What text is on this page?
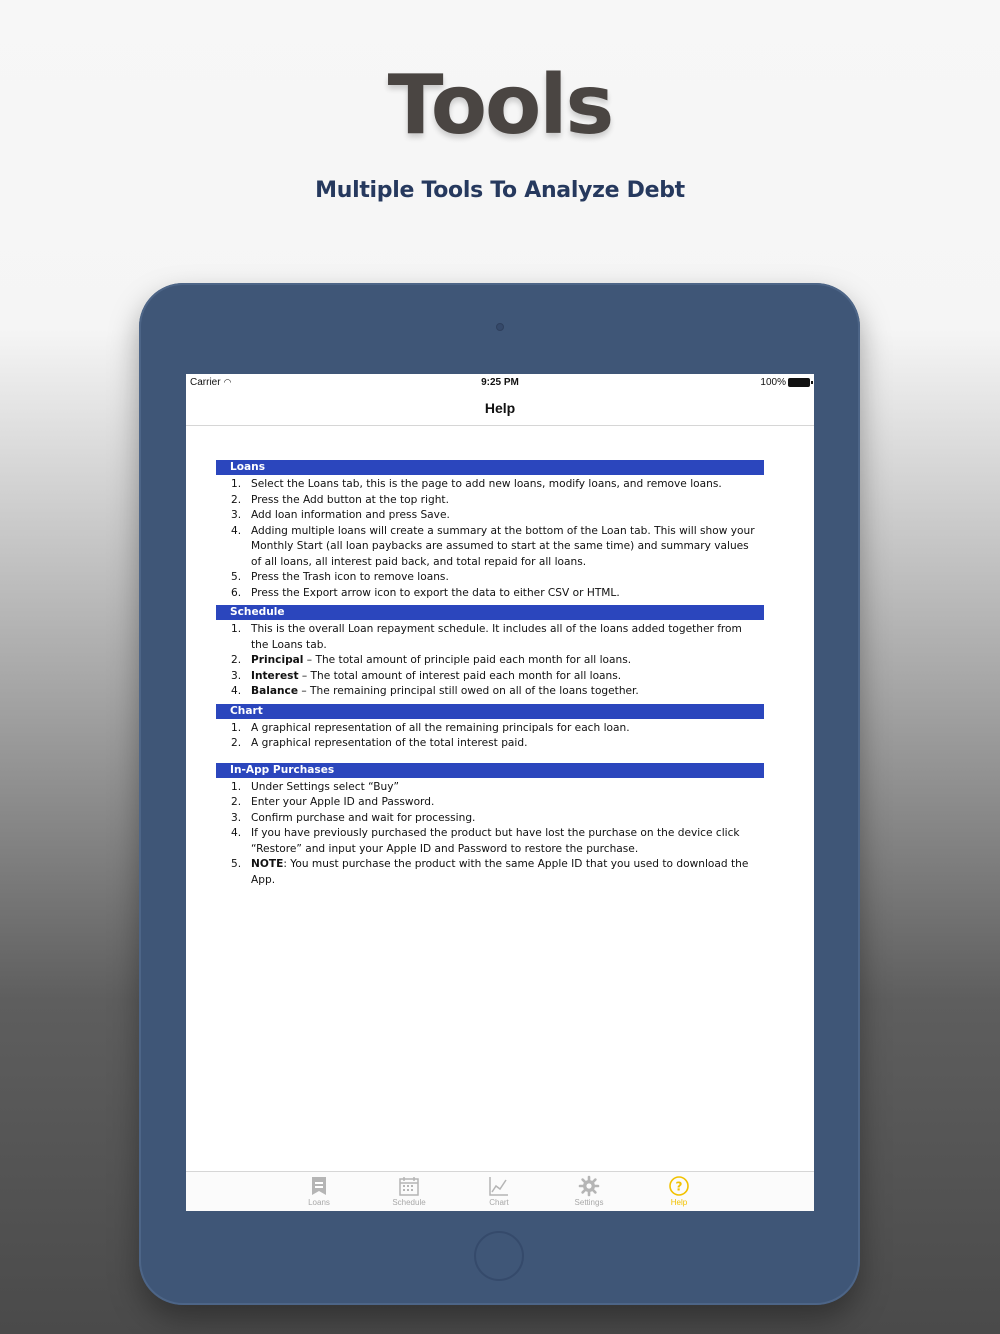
Tools
Multiple Tools To Analyze Debt
Carrier ◠	9:25 PM	100%
Help
Loans
1. Select the Loans tab, this is the page to add new loans, modify loans, and remove loans.
2. Press the Add button at the top right.
3. Add loan information and press Save.
4. Adding multiple loans will create a summary at the bottom of the Loan tab. This will show your Monthly Start (all loan paybacks are assumed to start at the same time) and summary values of all loans, all interest paid back, and total repaid for all loans.
5. Press the Trash icon to remove loans.
6. Press the Export arrow icon to export the data to either CSV or HTML.
Schedule
1. This is the overall Loan repayment schedule. It includes all of the loans added together from the Loans tab.
2. Principal – The total amount of principle paid each month for all loans.
3. Interest – The total amount of interest paid each month for all loans.
4. Balance – The remaining principal still owed on all of the loans together.
Chart
1. A graphical representation of all the remaining principals for each loan.
2. A graphical representation of the total interest paid.
In-App Purchases
1. Under Settings select “Buy”
2. Enter your Apple ID and Password.
3. Confirm purchase and wait for processing.
4. If you have previously purchased the product but have lost the purchase on the device click “Restore” and input your Apple ID and Password to restore the purchase.
5. NOTE: You must purchase the product with the same Apple ID that you used to download the App.
Loans	Schedule	Chart	Settings
?
Help
